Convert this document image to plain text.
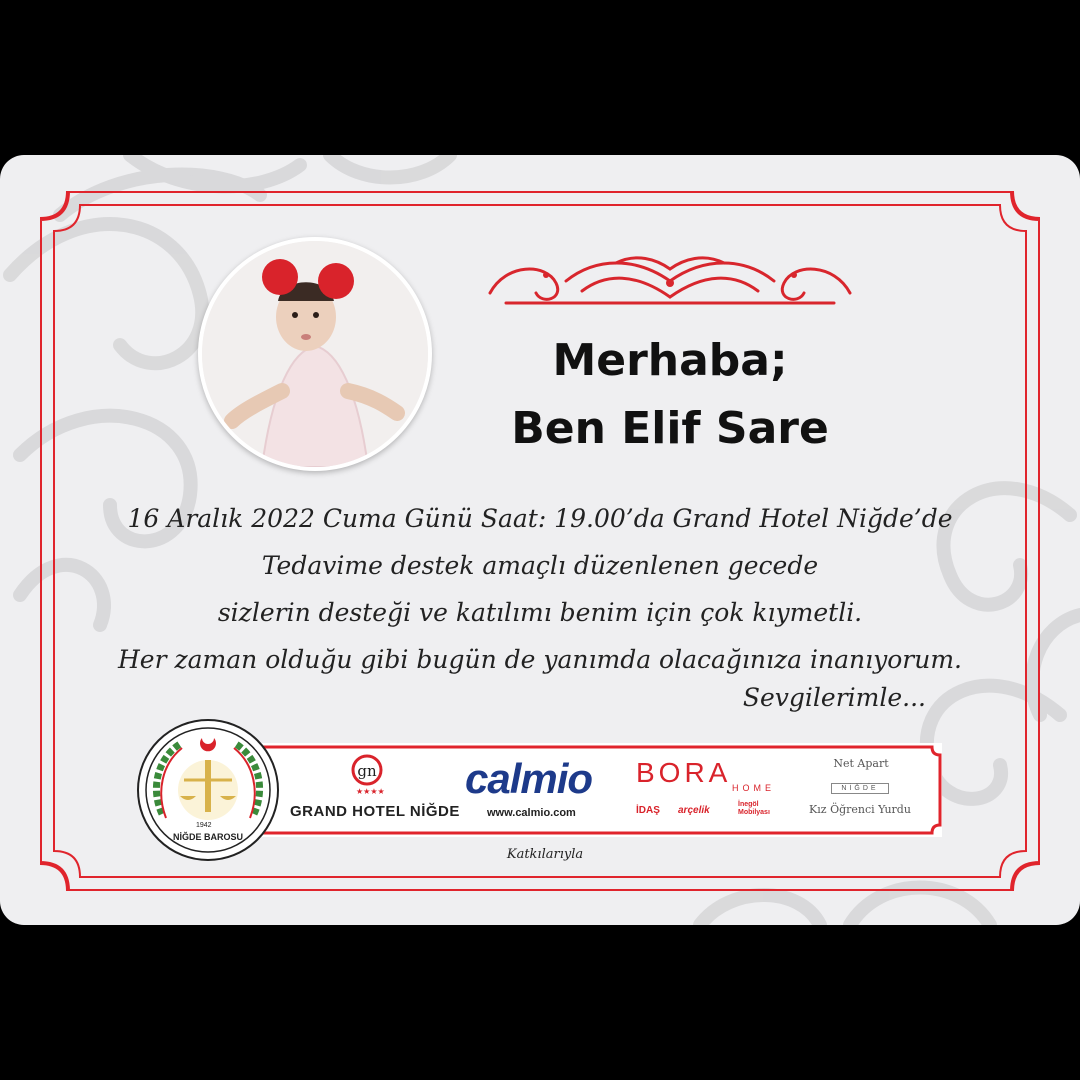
Merhaba;
Ben Elif Sare
16 Aralık 2022 Cuma Günü Saat: 19.00’da Grand Hotel Niğde’de
Tedavime destek amaçlı düzenlenen gecede
sizlerin desteği ve katılımı benim için çok kıymetli.
Her zaman olduğu gibi bugün de yanımda olacağınıza inanıyorum.
Sevgilerimle...
gn
★★★★
GRAND HOTEL NİĞDE
calmio
www.calmio.com
BORA HOME
İDAŞ arçelik
İnegöl Mobilyası
Net Apart
NİĞDE
Kız Öğrenci Yurdu
1942
NİĞDE BAROSU
Katkılarıyla
